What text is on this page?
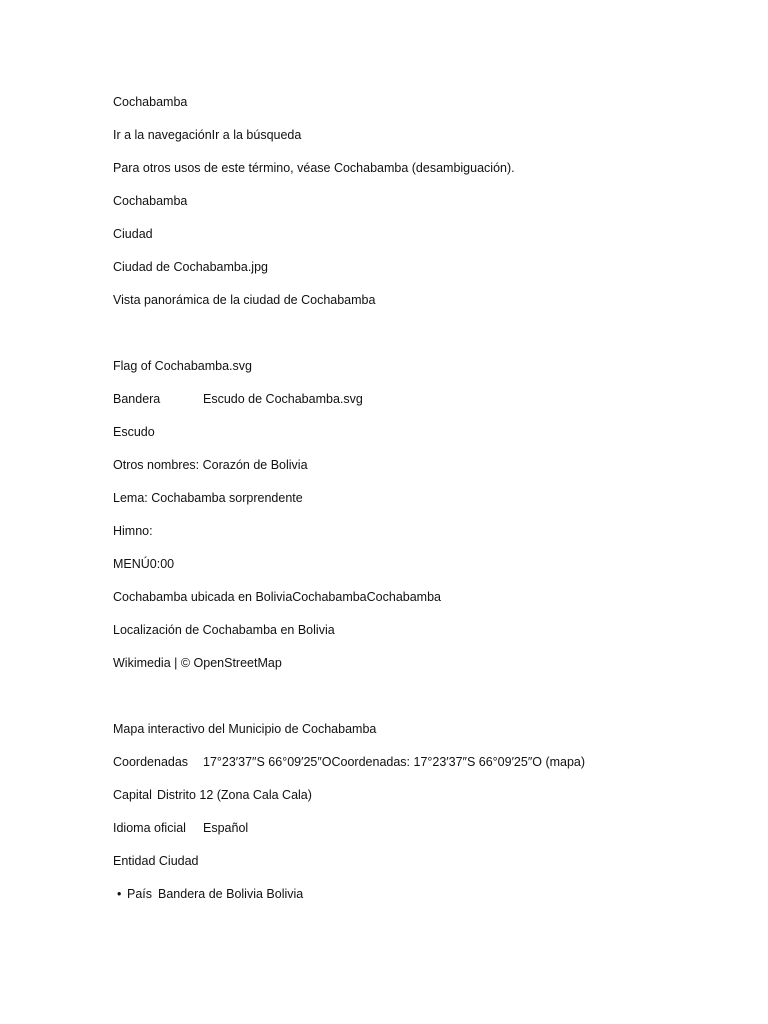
Cochabamba
Ir a la navegaciónIr a la búsqueda
Para otros usos de este término, véase Cochabamba (desambiguación).
Cochabamba
Ciudad
Ciudad de Cochabamba.jpg
Vista panorámica de la ciudad de Cochabamba
Flag of Cochabamba.svg
Bandera	Escudo de Cochabamba.svg
Escudo
Otros nombres: Corazón de Bolivia
Lema: Cochabamba sorprendente
Himno:
MENÚ0:00
Cochabamba ubicada en BoliviaCochabambaCochabamba
Localización de Cochabamba en Bolivia
Wikimedia | © OpenStreetMap
Mapa interactivo del Municipio de Cochabamba
Coordenadas 17°23′37″S 66°09′25″OCoordenadas: 17°23′37″S 66°09′25″O (mapa)
Capital Distrito 12 (Zona Cala Cala)
Idioma oficial Español
Entidad Ciudad
• País Bandera de Bolivia Bolivia
